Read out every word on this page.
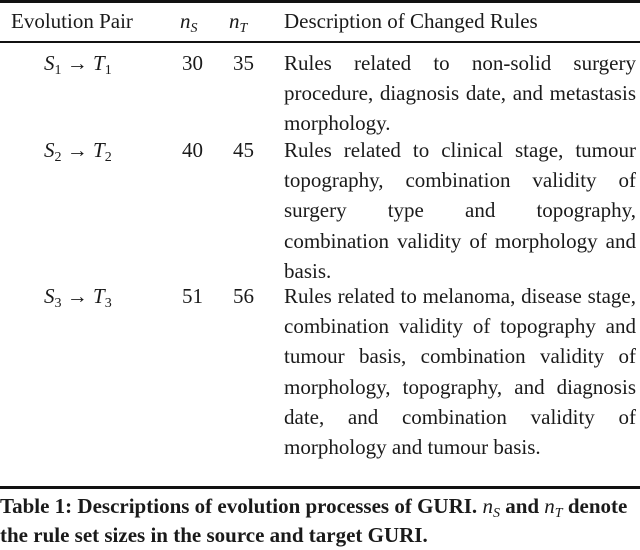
Evolution Pair $n_S$ $n_T$ Description of Changed Rules
$S_1 \to T_1$	30 35 Rules related to non-solid surgery procedure, diagnosis date, and metastasis morphology.
$S_2 \to T_2$	40 45 Rules related to clinical stage, tumour topography, combination validity of surgery type and topography, combination validity of morphology and basis.
$S_3 \to T_3$	51 56 Rules related to melanoma, disease stage, combination validity of topography and tumour basis, combination validity of morphology, topography, and diagnosis date, and combination validity of morphology and tumour basis.
Table 1: Descriptions of evolution processes of GURI. $n_S$ and $n_T$ denote the rule set sizes in the source and target GURI.
